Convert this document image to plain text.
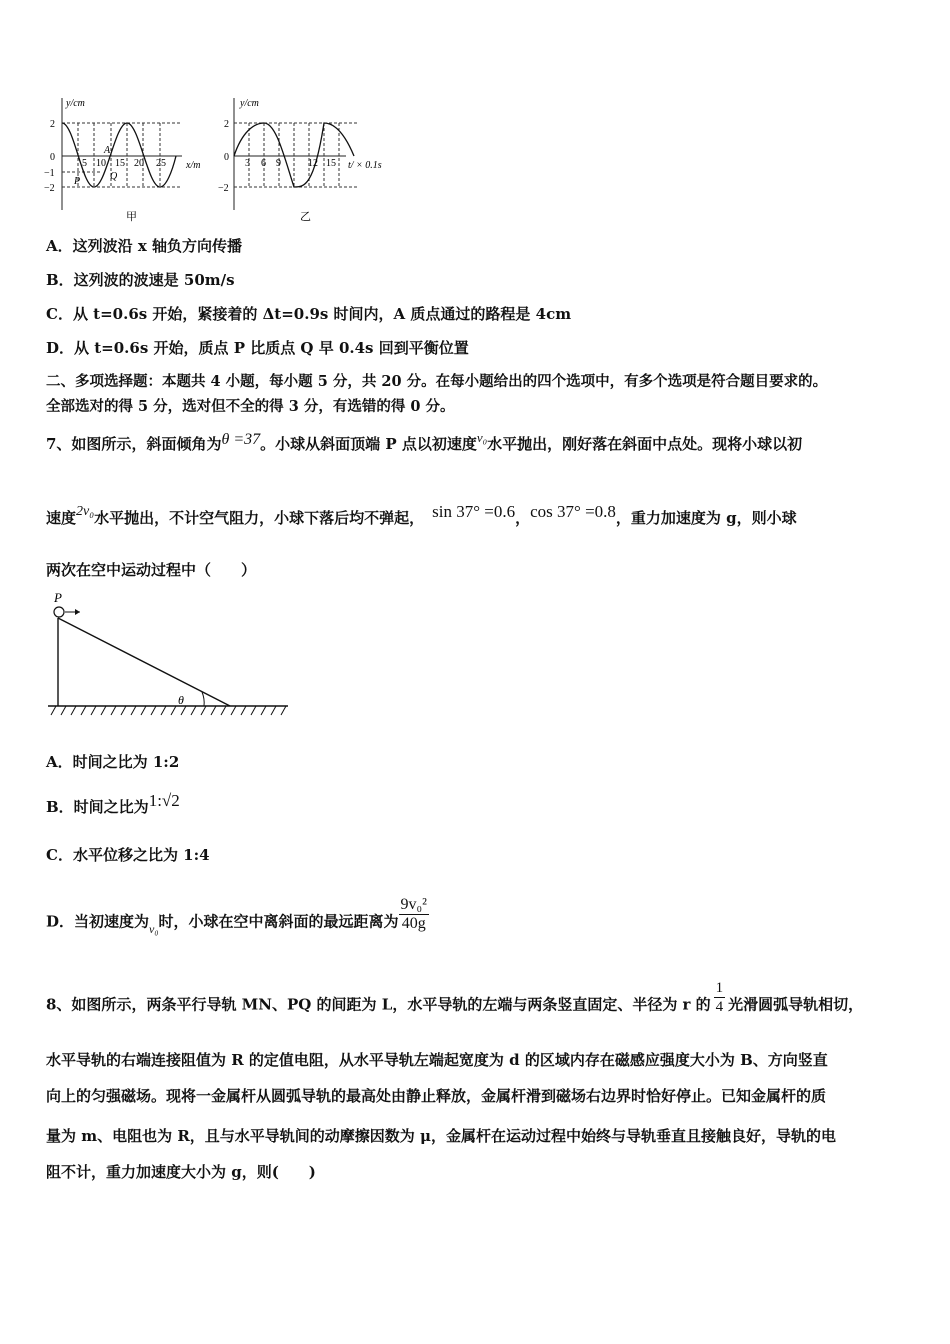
y/cm
x/m
2
0
−1
−2
5 10 15 20 25
A
P	Q
甲
y/cm
t/ × 0.1s
2
0
−2
3 6 9	12 15
乙
A．这列波沿 x 轴负方向传播
B．这列波的波速是 50m/s
C．从 t=0.6s 开始，紧接着的 Δt=0.9s 时间内，A 质点通过的路程是 4cm
D．从 t=0.6s 开始，质点 P 比质点 Q 早 0.4s 回到平衡位置
二、多项选择题：本题共 4 小题，每小题 5 分，共 20 分。在每小题给出的四个选项中，有多个选项是符合题目要求的。
全部选对的得 5 分，选对但不全的得 3 分，有选错的得 0 分。
7、如图所示，斜面倾角为θ =37。小球从斜面顶端 P 点以初速度v₀水平抛出，刚好落在斜面中点处。现将小球以初
速度2v₀水平抛出，不计空气阻力，小球下落后均不弹起， sin 37° =0.6，cos 37° =0.8，重力加速度为 g，则小球
两次在空中运动过程中（　　）
P
θ
A．时间之比为 1:2
B．时间之比为1:√2
C．水平位移之比为 1:4
D．当初速度为$_{v_0}$时，小球在空中离斜面的最远距离为 $\frac{\text{9v₀²}}{40g}$
8、如图所示，两条平行导轨 MN、PQ 的间距为 L，水平导轨的左端与两条竖直固定、半径为 r 的 $\frac{1}{4}$ 光滑圆弧导轨相切，
水平导轨的右端连接阻值为 R 的定值电阻，从水平导轨左端起宽度为 d 的区域内存在磁感应强度大小为 B、方向竖直
向上的匀强磁场。现将一金属杆从圆弧导轨的最高处由静止释放，金属杆滑到磁场右边界时恰好停止。已知金属杆的质
量为 m、电阻也为 R，且与水平导轨间的动摩擦因数为 μ，金属杆在运动过程中始终与导轨垂直且接触良好，导轨的电
阻不计，重力加速度大小为 g，则(　　)
